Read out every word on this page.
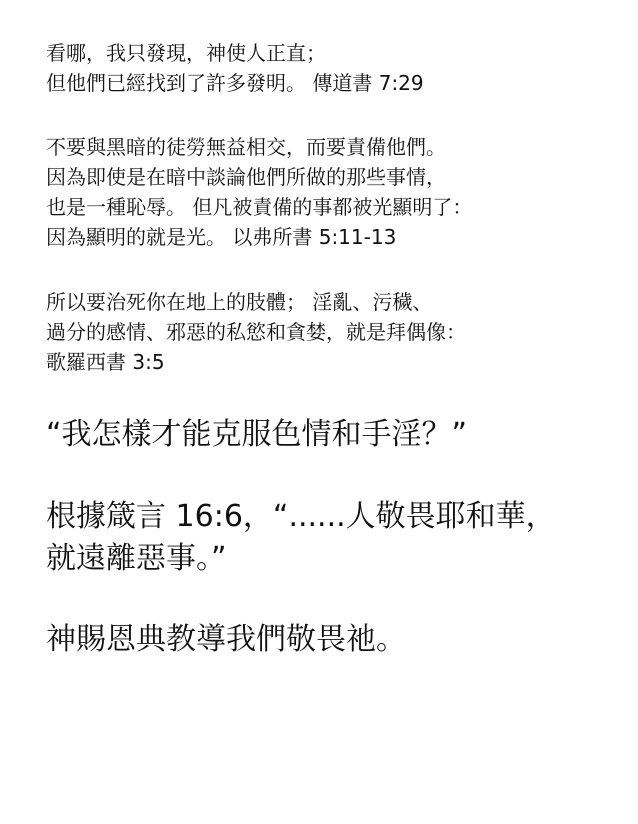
看哪，我只發現，神使人正直；

但他們已經找到了許多發明。 傳道書 7:29

不要與黑暗的徒勞無益相交，而要責備他們。

因為即使是在暗中談論他們所做的那些事情，

也是一種恥辱。 但凡被責備的事都被光顯明了：

因為顯明的就是光。 以弗所書 5:11-13

所以要治死你在地上的肢體； 淫亂、污穢、

過分的感情、邪惡的私慾和貪婪，就是拜偶像：

歌羅西書 3:5

“我怎樣才能克服色情和手淫？”

根據箴言 16:6，“......人敬畏耶和華，

就遠離惡事。”

神賜恩典教導我們敬畏祂。
